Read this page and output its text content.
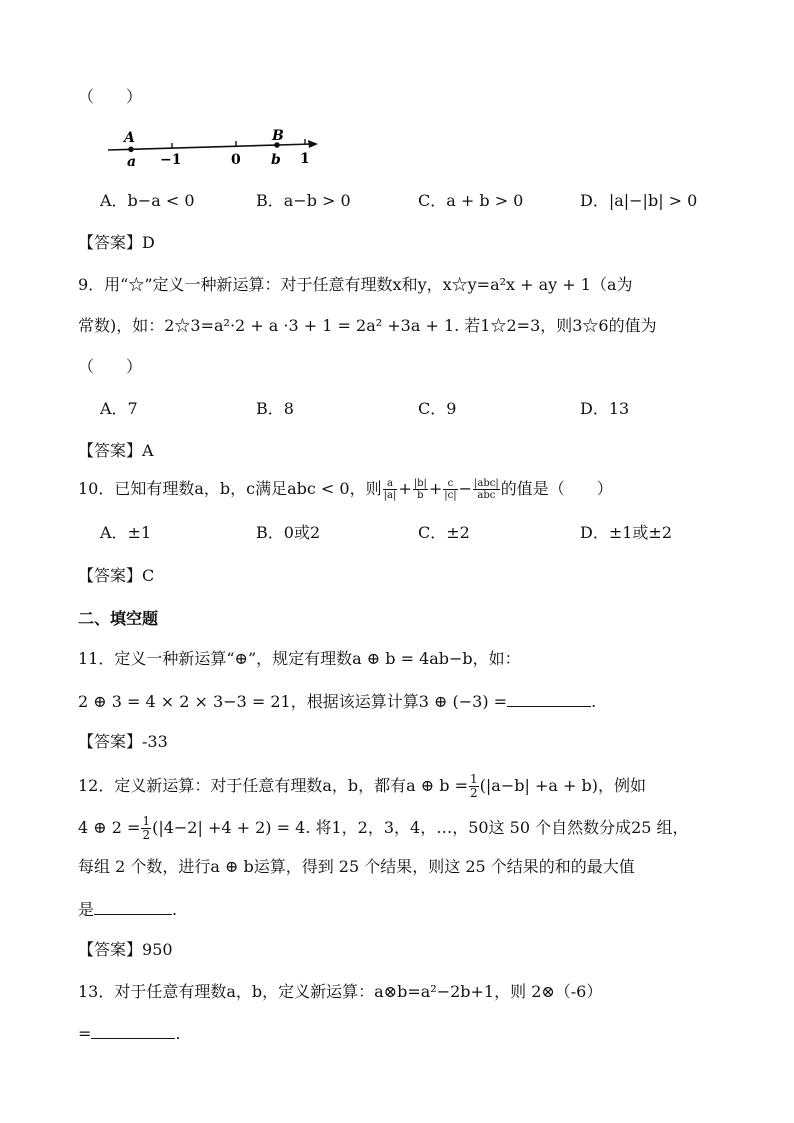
（　　）
A
a −1	0
B
b 1
A．b−a < 0	B．a−b > 0	C．a + b > 0	D．|a|−|b| > 0
【答案】D
9．用“☆”定义一种新运算：对于任意有理数x和y，x☆y=a²x + ay + 1（a为
常数)，如：2☆3=a²·2 + a ·3 + 1 = 2a² +3a + 1. 若1☆2=3，则3☆6的值为
（　　）
A．7	B．8	C．9	D．13
【答案】A
10．已知有理数a，b，c满足abc < 0，则 $\frac{a}{|a|} + \frac{|b|}{b} + \frac{c}{|c|} - \frac{\text{|abc|}}{\text{abc}}$ 的值是（　　）
A．±1	B．0或2	C．±2	D．±1或±2
【答案】C
二、填空题
11．定义一种新运算“⊕”，规定有理数a ⊕ b = 4ab−b，如：
2 ⊕ 3 = 4 × 2 × 3−3 = 21，根据该运算计算3 ⊕ (−3) =	.
【答案】-33
12．定义新运算：对于任意有理数a，b，都有a ⊕ $b = \frac{1}{2} (|a-b| +a + b)$，例如
4 ⊕ $2 = \frac{1}{2} (|4-2| +4 + 2) = 4$. 将1，2，3，4，…，50这 50 个自然数分成25 组，
每组 2 个数，进行a ⊕ b运算，得到 25 个结果，则这 25 个结果的和的最大值
是	.
【答案】950
13．对于任意有理数a，b，定义新运算：a⊗b=a²−2b+1，则 2⊗（-6）
=	.
